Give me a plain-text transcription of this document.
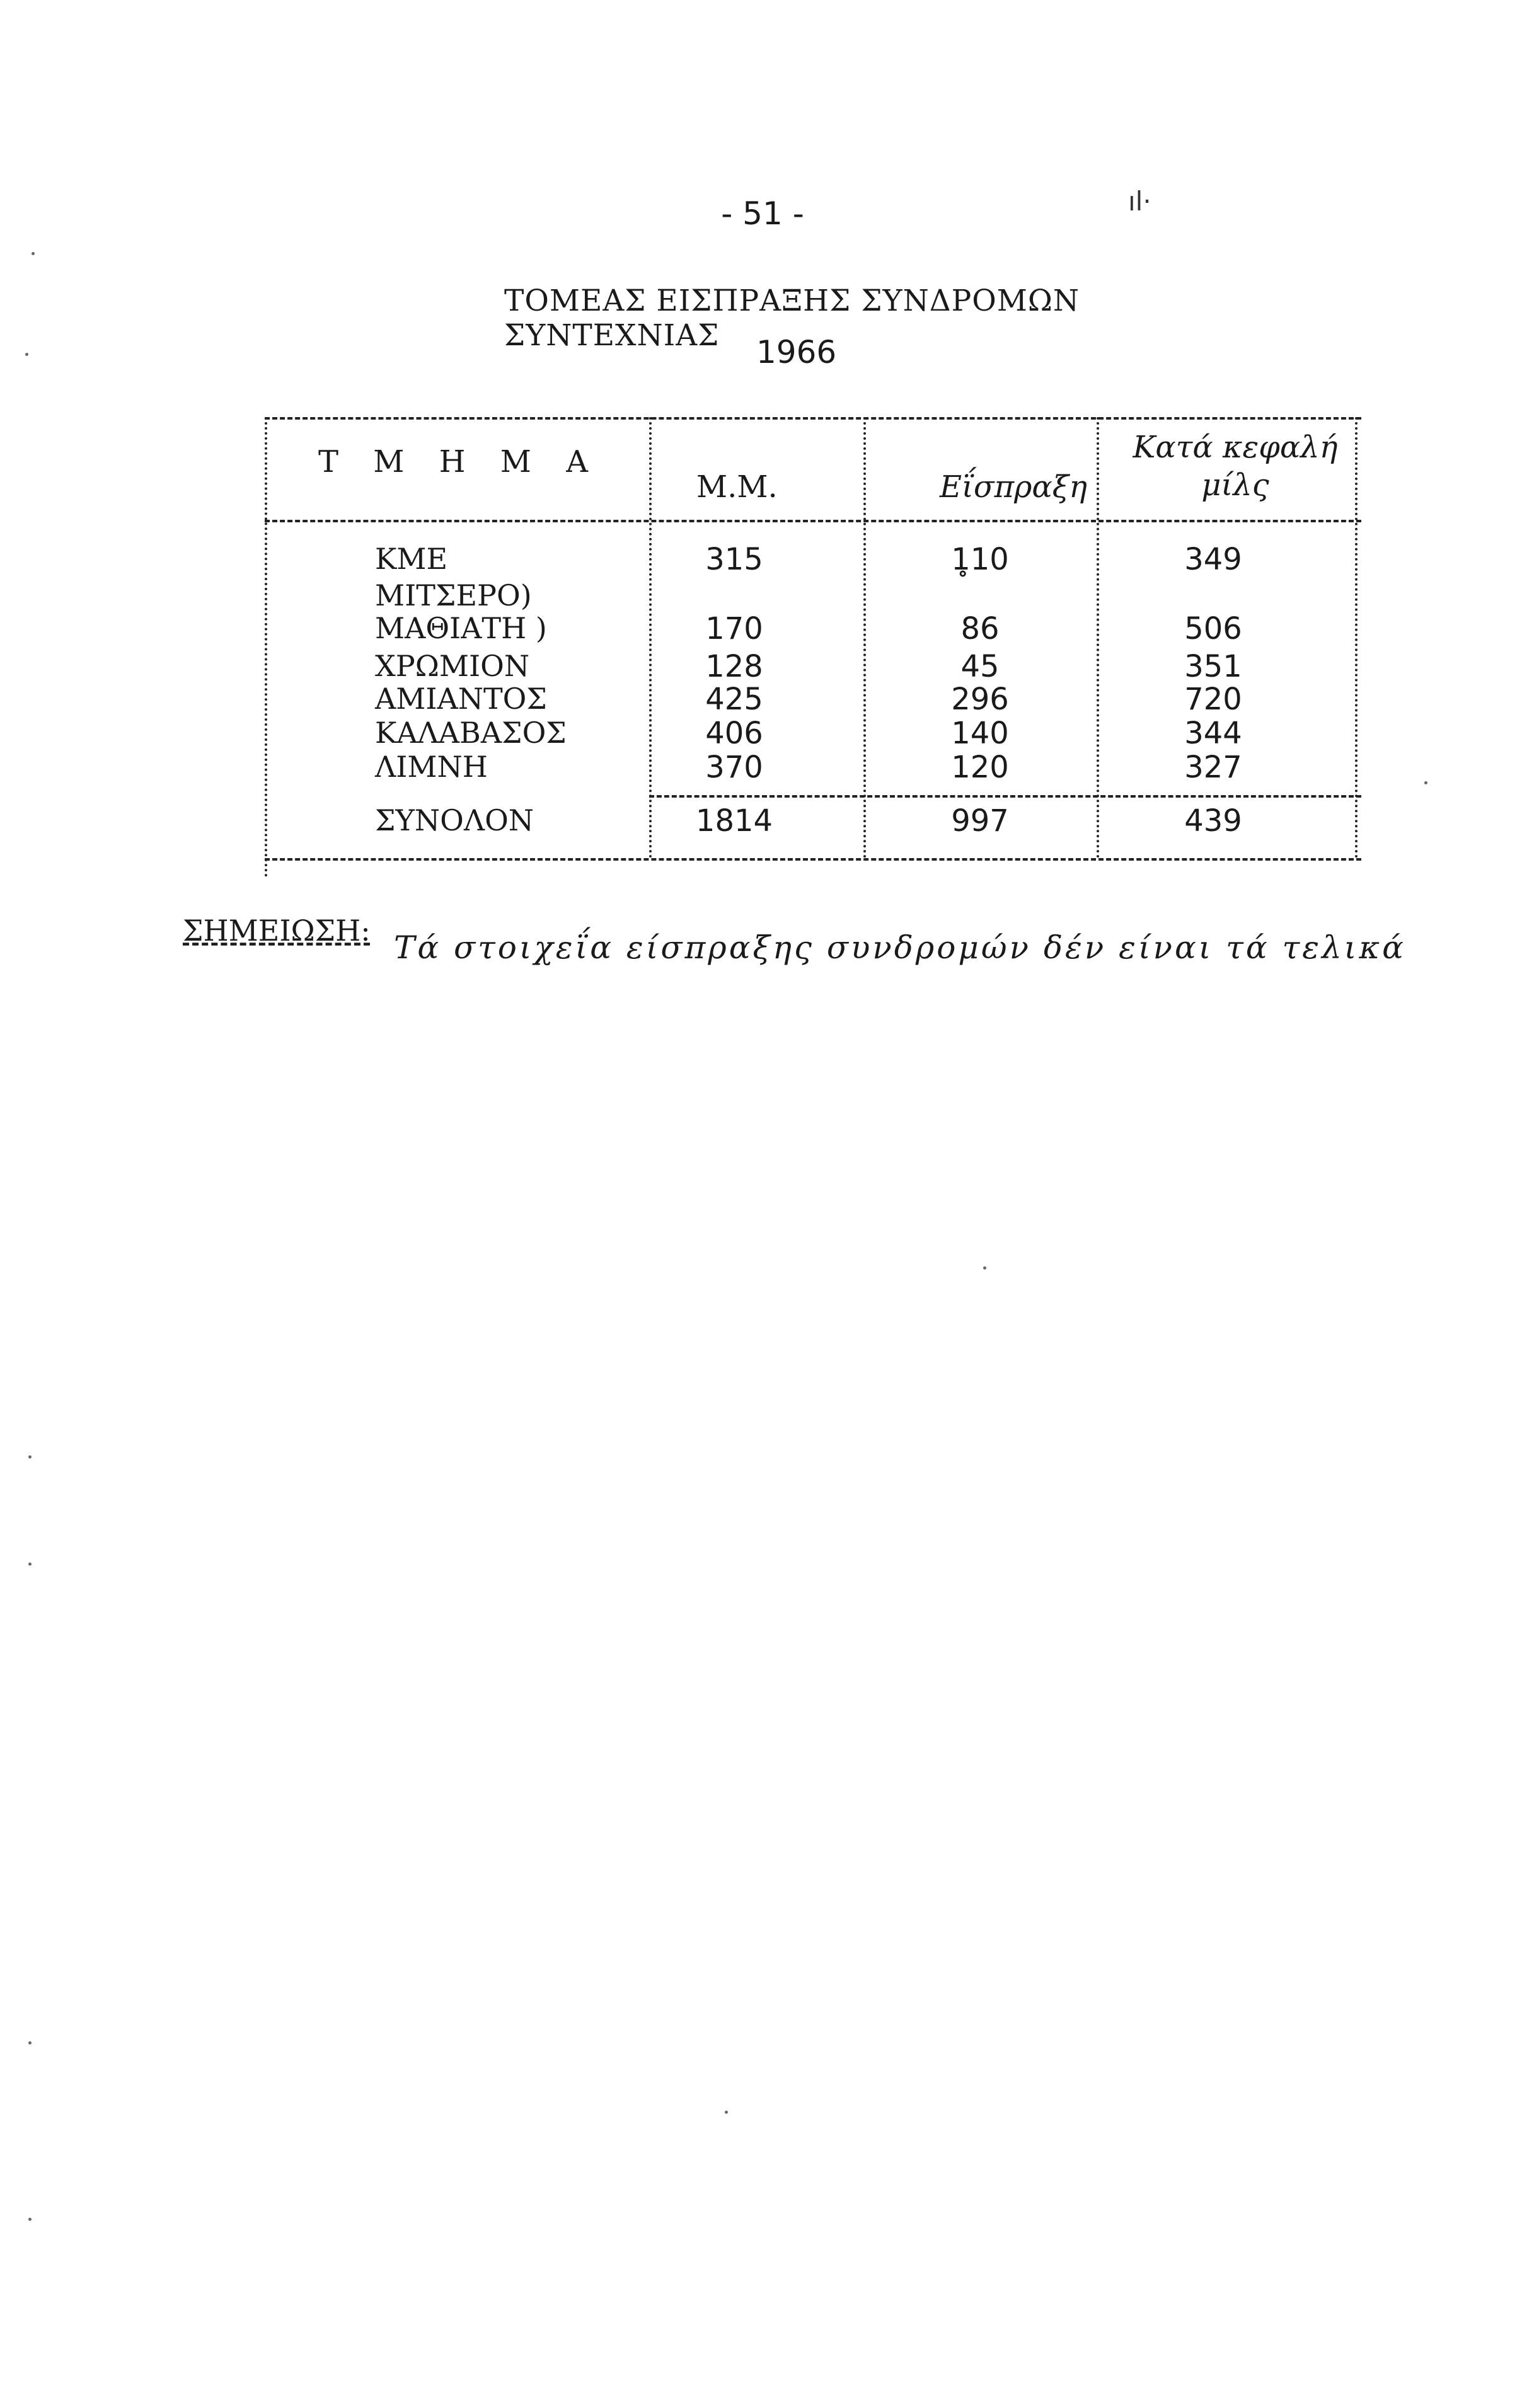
- 51 -	ıl·
ΤΟΜΕΑΣ ΕΙΣΠΡΑΞΗΣ ΣΥΝΔΡΟΜΩΝ ΣΥΝΤΕΧΝΙΑΣ	1966
Τ Μ Η Μ Α
Μ.Μ.	Εΐσπραξη
Κατά κεφαλή
μίλς
ΚΜΕ	315	1̥10	349
ΜΙΤΣΕΡΟ)
ΜΑΘΙΑΤΗ )	170	86	506
ΧΡΩΜΙΟΝ	128	45	351
ΑΜΙΑΝΤΟΣ	425	296	720
ΚΑΛΑΒΑΣΟΣ	406	140	344
ΛΙΜΝΗ	370	120	327
ΣΥΝΟΛΟΝ	1814	997	439
ΣΗΜΕΙΩΣΗ: Τά στοιχεΐα είσπραξης συνδρομών δέν είναι τά τελικά
